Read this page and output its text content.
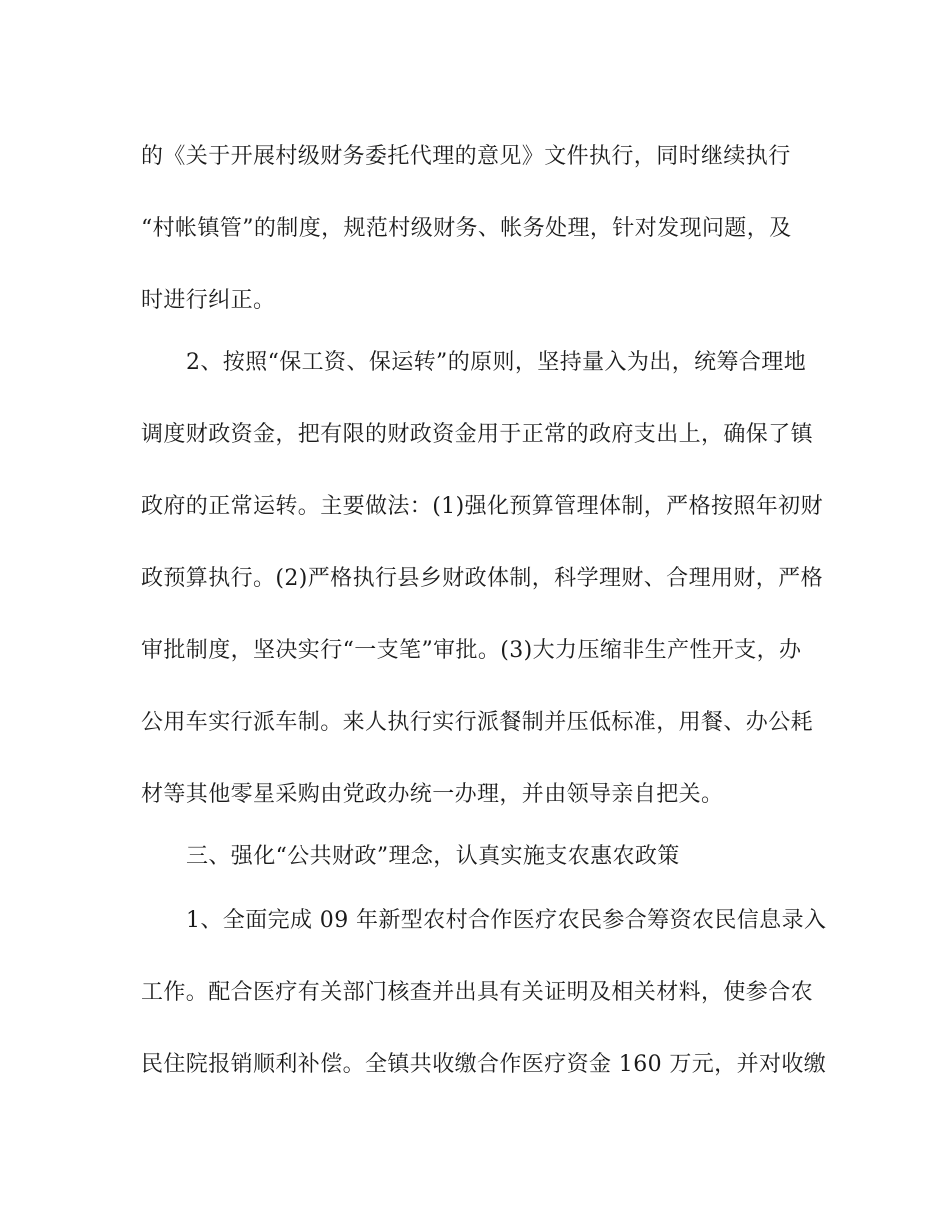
的《关于开展村级财务委托代理的意见》文件执行，同时继续执行
“村帐镇管”的制度，规范村级财务、帐务处理，针对发现问题，及
时进行纠正。
2、按照“保工资、保运转”的原则，坚持量入为出，统筹合理地
调度财政资金，把有限的财政资金用于正常的政府支出上，确保了镇
政府的正常运转。主要做法：(1)强化预算管理体制，严格按照年初财
政预算执行。(2)严格执行县乡财政体制，科学理财、合理用财，严格
审批制度，坚决实行“一支笔”审批。(3)大力压缩非生产性开支，办
公用车实行派车制。来人执行实行派餐制并压低标准，用餐、办公耗
材等其他零星采购由党政办统一办理，并由领导亲自把关。
三、强化“公共财政”理念，认真实施支农惠农政策
1、全面完成 09 年新型农村合作医疗农民参合筹资农民信息录入
工作。配合医疗有关部门核查并出具有关证明及相关材料，使参合农
民住院报销顺利补偿。全镇共收缴合作医疗资金 160 万元，并对收缴
